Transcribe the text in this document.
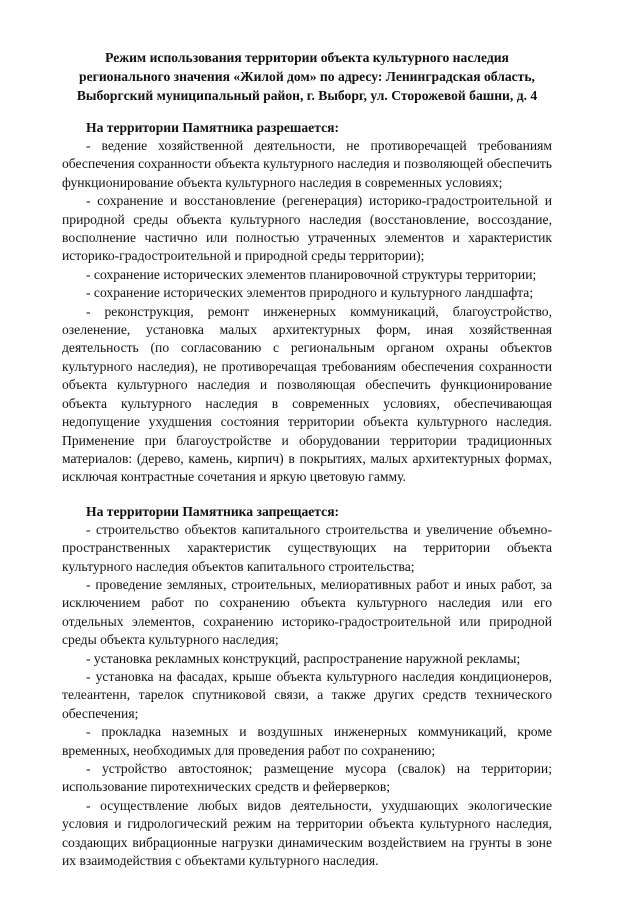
Режим использования территории объекта культурного наследия
регионального значения «Жилой дом» по адресу: Ленинградская область,
Выборгский муниципальный район, г. Выборг, ул. Сторожевой башни, д. 4

На территории Памятника разрешается:

- ведение хозяйственной деятельности, не противоречащей требованиям обеспечения сохранности объекта культурного наследия и позволяющей обеспечить функционирование объекта культурного наследия в современных условиях;

- сохранение и восстановление (регенерация) историко-градостроительной и природной среды объекта культурного наследия (восстановление, воссоздание, восполнение частично или полностью утраченных элементов и характеристик историко-градостроительной и природной среды территории);

- сохранение исторических элементов планировочной структуры территории;

- сохранение исторических элементов природного и культурного ландшафта;

- реконструкция, ремонт инженерных коммуникаций, благоустройство, озеленение, установка малых архитектурных форм, иная хозяйственная деятельность (по согласованию с региональным органом охраны объектов культурного наследия), не противоречащая требованиям обеспечения сохранности объекта культурного наследия и позволяющая обеспечить функционирование объекта культурного наследия в современных условиях, обеспечивающая недопущение ухудшения состояния территории объекта культурного наследия. Применение при благоустройстве и оборудовании территории традиционных материалов: (дерево, камень, кирпич) в покрытиях, малых архитектурных формах, исключая контрастные сочетания и яркую цветовую гамму.

На территории Памятника запрещается:

- строительство объектов капитального строительства и увеличение объемно-пространственных характеристик существующих на территории объекта культурного наследия объектов капитального строительства;

- проведение земляных, строительных, мелиоративных работ и иных работ, за исключением работ по сохранению объекта культурного наследия или его отдельных элементов, сохранению историко-градостроительной или природной среды объекта культурного наследия;

- установка рекламных конструкций, распространение наружной рекламы;

- установка на фасадах, крыше объекта культурного наследия кондиционеров, телеантенн, тарелок спутниковой связи, а также других средств технического обеспечения;

- прокладка наземных и воздушных инженерных коммуникаций, кроме временных, необходимых для проведения работ по сохранению;

- устройство автостоянок; размещение мусора (свалок) на территории; использование пиротехнических средств и фейерверков;

- осуществление любых видов деятельности, ухудшающих экологические условия и гидрологический режим на территории объекта культурного наследия, создающих вибрационные нагрузки динамическим воздействием на грунты в зоне их взаимодействия с объектами культурного наследия.
